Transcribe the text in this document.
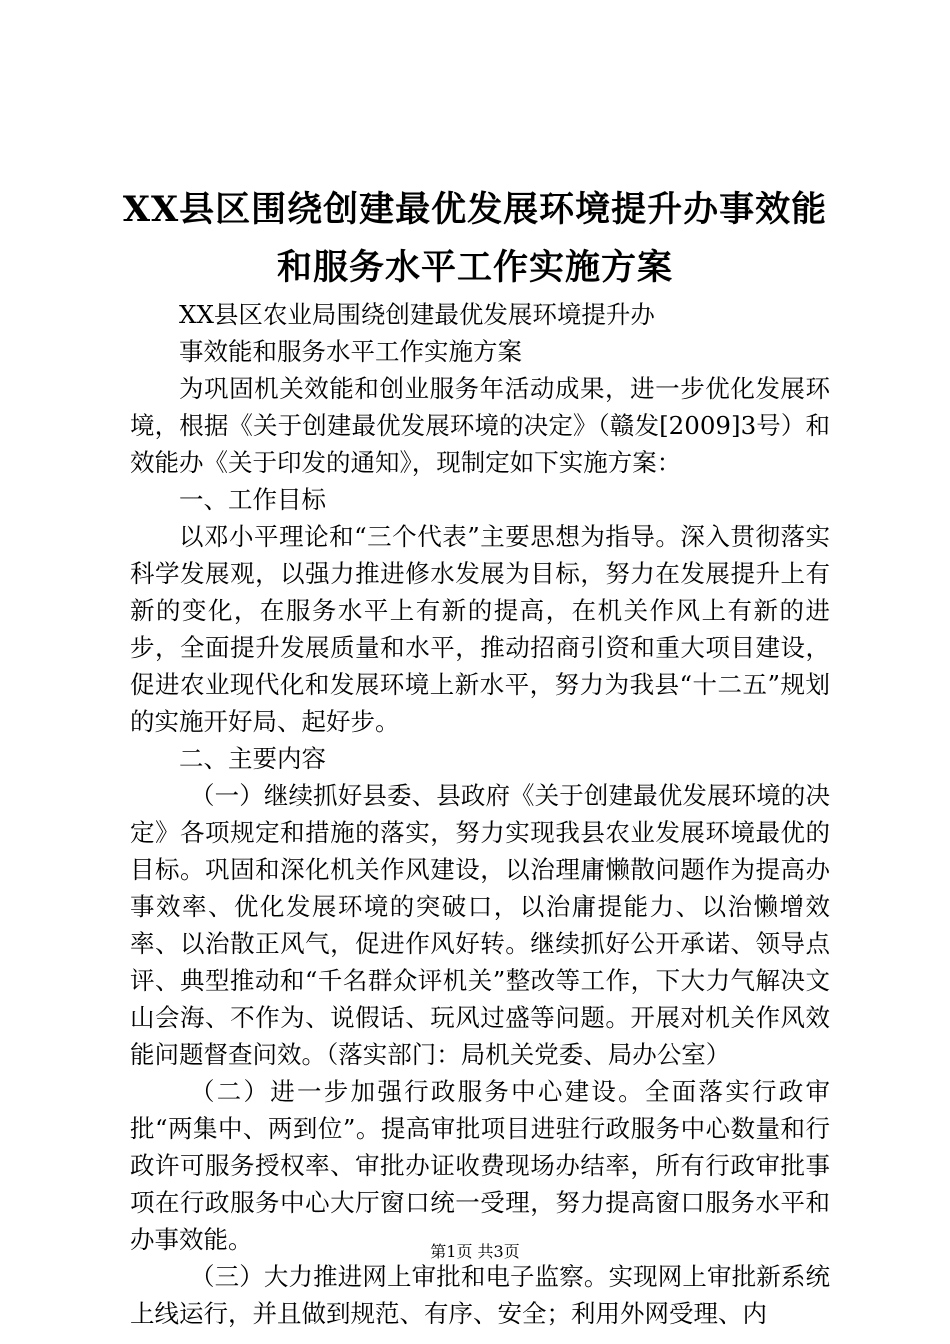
XX县区围绕创建最优发展环境提升办事效能
和服务水平工作实施方案

XX县区农业局围绕创建最优发展环境提升办

事效能和服务水平工作实施方案

为巩固机关效能和创业服务年活动成果，进一步优化发展环境，根据《关于创建最优发展环境的决定》（赣发[2009]3号）和效能办《关于印发的通知》，现制定如下实施方案：

一、工作目标

以邓小平理论和“三个代表”主要思想为指导。深入贯彻落实科学发展观，以强力推进修水发展为目标，努力在发展提升上有新的变化，在服务水平上有新的提高，在机关作风上有新的进步，全面提升发展质量和水平，推动招商引资和重大项目建设，促进农业现代化和发展环境上新水平，努力为我县“十二五”规划的实施开好局、起好步。

二、主要内容

（一）继续抓好县委、县政府《关于创建最优发展环境的决定》各项规定和措施的落实，努力实现我县农业发展环境最优的目标。巩固和深化机关作风建设，以治理庸懒散问题作为提高办事效率、优化发展环境的突破口，以治庸提能力、以治懒增效率、以治散正风气，促进作风好转。继续抓好公开承诺、领导点评、典型推动和“千名群众评机关”整改等工作，下大力气解决文山会海、不作为、说假话、玩风过盛等问题。开展对机关作风效能问题督查问效。（落实部门：局机关党委、局办公室）

（二）进一步加强行政服务中心建设。全面落实行政审批“两集中、两到位”。提高审批项目进驻行政服务中心数量和行政许可服务授权率、审批办证收费现场办结率，所有行政审批事项在行政服务中心大厅窗口统一受理，努力提高窗口服务水平和办事效能。

（三）大力推进网上审批和电子监察。实现网上审批新系统上线运行，并且做到规范、有序、安全；利用外网受理、内

第1页 共3页
